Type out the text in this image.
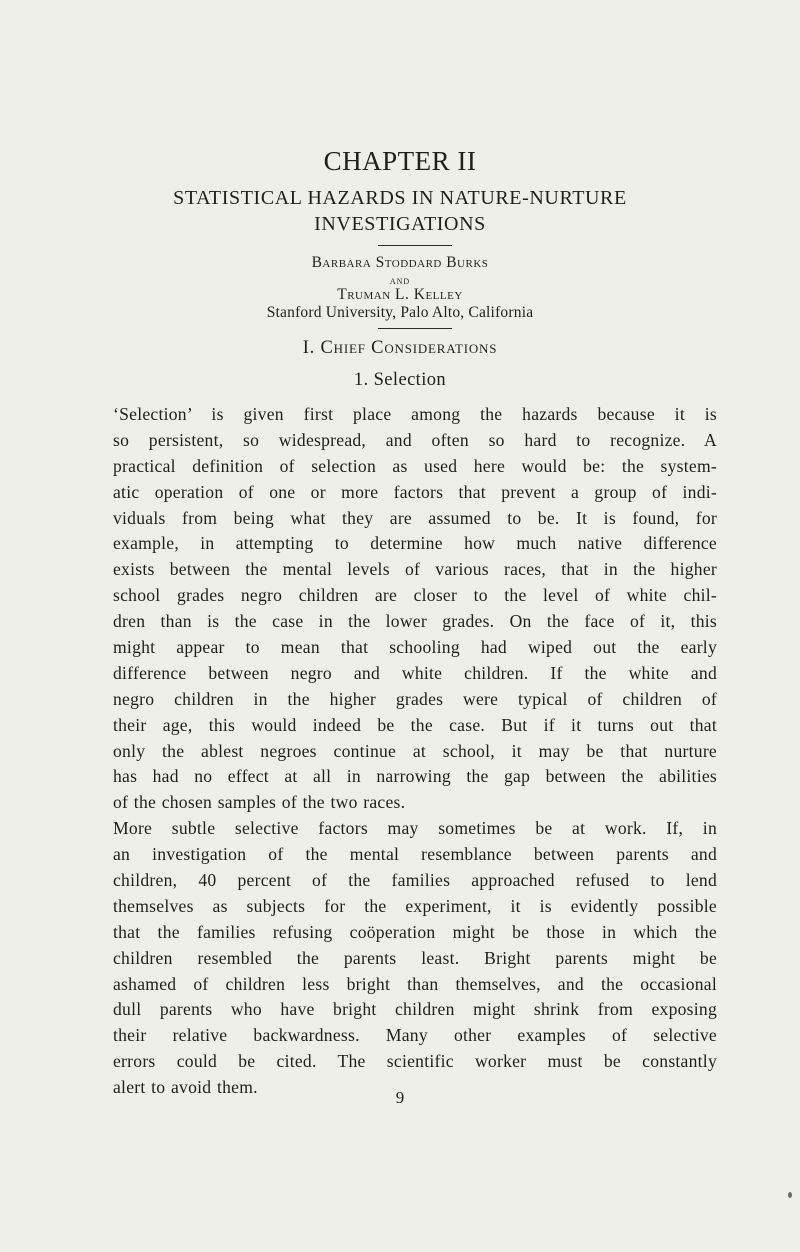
CHAPTER II
STATISTICAL HAZARDS IN NATURE-NURTURE
INVESTIGATIONS
Barbara Stoddard Burks
and
Truman L. Kelley
Stanford University, Palo Alto, California
I. Chief Considerations
1. Selection
‘Selection’ is given first place among the hazards because it is
so persistent, so widespread, and often so hard to recognize. A
practical definition of selection as used here would be: the system-
atic operation of one or more factors that prevent a group of indi-
viduals from being what they are assumed to be. It is found, for
example, in attempting to determine how much native difference
exists between the mental levels of various races, that in the higher
school grades negro children are closer to the level of white chil-
dren than is the case in the lower grades. On the face of it, this
might appear to mean that schooling had wiped out the early
difference between negro and white children. If the white and
negro children in the higher grades were typical of children of
their age, this would indeed be the case. But if it turns out that
only the ablest negroes continue at school, it may be that nurture
has had no effect at all in narrowing the gap between the abilities
of the chosen samples of the two races.
More subtle selective factors may sometimes be at work. If, in
an investigation of the mental resemblance between parents and
children, 40 percent of the families approached refused to lend
themselves as subjects for the experiment, it is evidently possible
that the families refusing coöperation might be those in which the
children resembled the parents least. Bright parents might be
ashamed of children less bright than themselves, and the occasional
dull parents who have bright children might shrink from exposing
their relative backwardness. Many other examples of selective
errors could be cited. The scientific worker must be constantly
alert to avoid them.
9
